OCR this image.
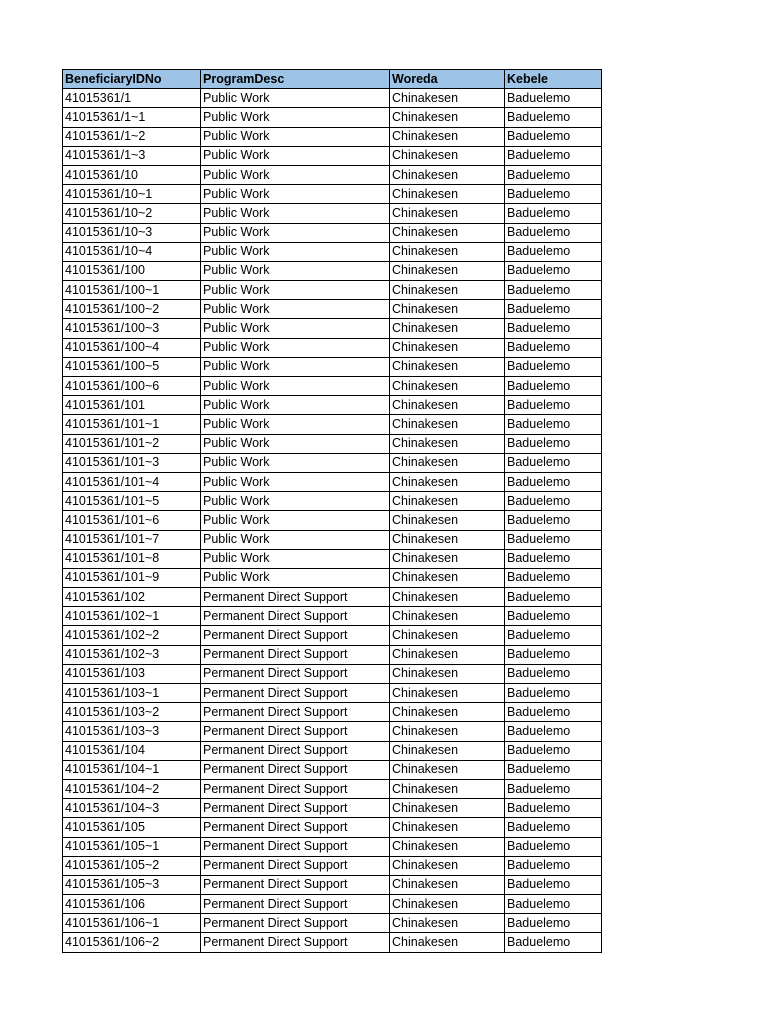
BeneficiaryIDNo	ProgramDesc	Woreda	Kebele
41015361/1	Public Work	Chinakesen	Baduelemo
41015361/1~1	Public Work	Chinakesen	Baduelemo
41015361/1~2	Public Work	Chinakesen	Baduelemo
41015361/1~3	Public Work	Chinakesen	Baduelemo
41015361/10	Public Work	Chinakesen	Baduelemo
41015361/10~1	Public Work	Chinakesen	Baduelemo
41015361/10~2	Public Work	Chinakesen	Baduelemo
41015361/10~3	Public Work	Chinakesen	Baduelemo
41015361/10~4	Public Work	Chinakesen	Baduelemo
41015361/100	Public Work	Chinakesen	Baduelemo
41015361/100~1	Public Work	Chinakesen	Baduelemo
41015361/100~2	Public Work	Chinakesen	Baduelemo
41015361/100~3	Public Work	Chinakesen	Baduelemo
41015361/100~4	Public Work	Chinakesen	Baduelemo
41015361/100~5	Public Work	Chinakesen	Baduelemo
41015361/100~6	Public Work	Chinakesen	Baduelemo
41015361/101	Public Work	Chinakesen	Baduelemo
41015361/101~1	Public Work	Chinakesen	Baduelemo
41015361/101~2	Public Work	Chinakesen	Baduelemo
41015361/101~3	Public Work	Chinakesen	Baduelemo
41015361/101~4	Public Work	Chinakesen	Baduelemo
41015361/101~5	Public Work	Chinakesen	Baduelemo
41015361/101~6	Public Work	Chinakesen	Baduelemo
41015361/101~7	Public Work	Chinakesen	Baduelemo
41015361/101~8	Public Work	Chinakesen	Baduelemo
41015361/101~9	Public Work	Chinakesen	Baduelemo
41015361/102	Permanent Direct Support	Chinakesen	Baduelemo
41015361/102~1	Permanent Direct Support	Chinakesen	Baduelemo
41015361/102~2	Permanent Direct Support	Chinakesen	Baduelemo
41015361/102~3	Permanent Direct Support	Chinakesen	Baduelemo
41015361/103	Permanent Direct Support	Chinakesen	Baduelemo
41015361/103~1	Permanent Direct Support	Chinakesen	Baduelemo
41015361/103~2	Permanent Direct Support	Chinakesen	Baduelemo
41015361/103~3	Permanent Direct Support	Chinakesen	Baduelemo
41015361/104	Permanent Direct Support	Chinakesen	Baduelemo
41015361/104~1	Permanent Direct Support	Chinakesen	Baduelemo
41015361/104~2	Permanent Direct Support	Chinakesen	Baduelemo
41015361/104~3	Permanent Direct Support	Chinakesen	Baduelemo
41015361/105	Permanent Direct Support	Chinakesen	Baduelemo
41015361/105~1	Permanent Direct Support	Chinakesen	Baduelemo
41015361/105~2	Permanent Direct Support	Chinakesen	Baduelemo
41015361/105~3	Permanent Direct Support	Chinakesen	Baduelemo
41015361/106	Permanent Direct Support	Chinakesen	Baduelemo
41015361/106~1	Permanent Direct Support	Chinakesen	Baduelemo
41015361/106~2	Permanent Direct Support	Chinakesen	Baduelemo
